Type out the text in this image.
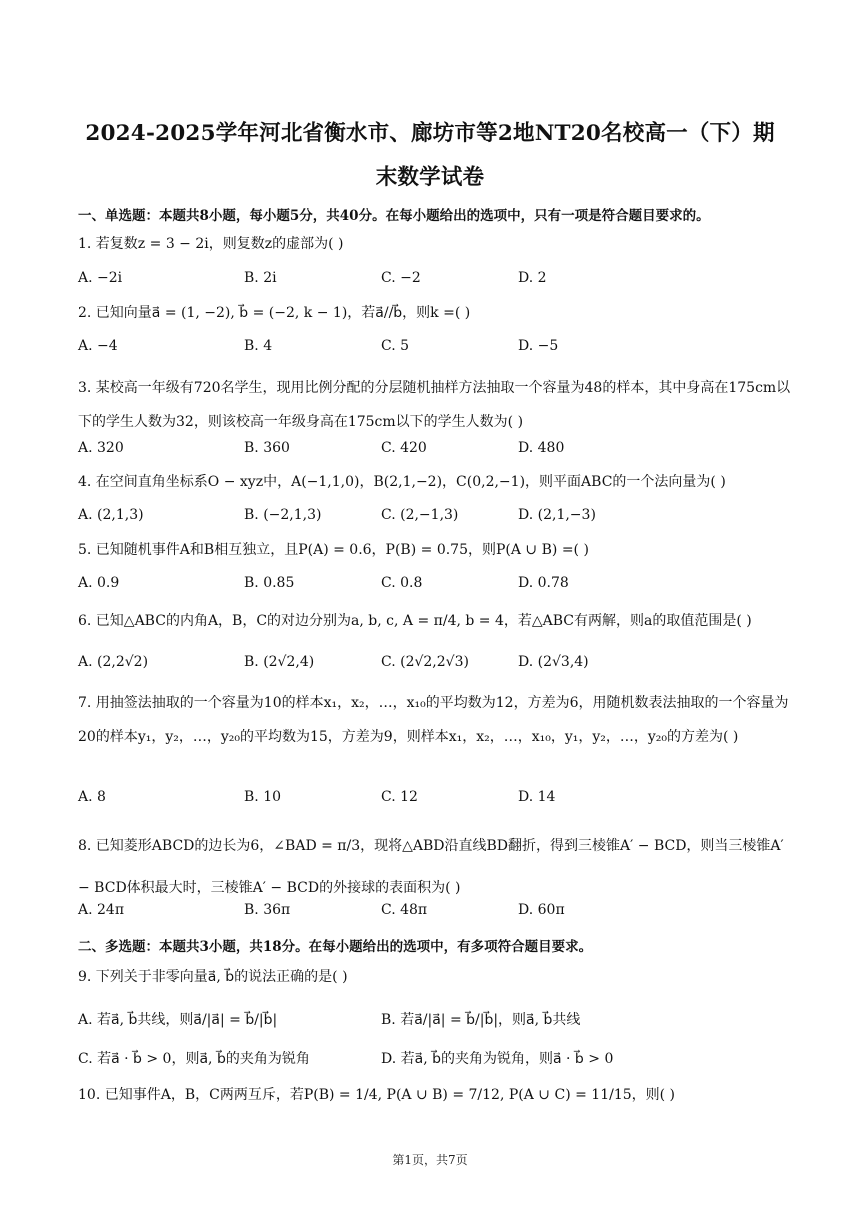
2024-2025学年河北省衡水市、廊坊市等2地NT20名校高一（下）期
末数学试卷
一、单选题：本题共8小题，每小题5分，共40分。在每小题给出的选项中，只有一项是符合题目要求的。
1. 若复数z = 3 − 2i，则复数z的虚部为( )
A. −2i	B. 2i	C. −2	D. 2
2. 已知向量a⃗ = (1, −2), b⃗ = (−2, k − 1)，若a⃗//b⃗，则k =( )
A. −4	B. 4	C. 5	D. −5
3. 某校高一年级有720名学生，现用比例分配的分层随机抽样方法抽取一个容量为48的样本，其中身高在175cm以下的学生人数为32，则该校高一年级身高在175cm以下的学生人数为( )
A. 320	B. 360	C. 420	D. 480
4. 在空间直角坐标系O − xyz中，A(−1,1,0)，B(2,1,−2)，C(0,2,−1)，则平面ABC的一个法向量为( )
A. (2,1,3)	B. (−2,1,3)	C. (2,−1,3)	D. (2,1,−3)
5. 已知随机事件A和B相互独立，且P(A) = 0.6，P(B) = 0.75，则P(A ∪ B) =( )
A. 0.9	B. 0.85	C. 0.8	D. 0.78
6. 已知△ABC的内角A，B，C的对边分别为a, b, c, A = π/4, b = 4，若△ABC有两解，则a的取值范围是( )
A. (2,2√2)	B. (2√2,4)	C. (2√2,2√3)	D. (2√3,4)
7. 用抽签法抽取的一个容量为10的样本x₁，x₂，…，x₁₀的平均数为12，方差为6，用随机数表法抽取的一个容量为20的样本y₁，y₂，…，y₂₀的平均数为15，方差为9，则样本x₁，x₂，…，x₁₀，y₁，y₂，…，y₂₀的方差为( )
A. 8	B. 10	C. 12	D. 14
8. 已知菱形ABCD的边长为6，∠BAD = π/3，现将△ABD沿直线BD翻折，得到三棱锥A′ − BCD，则当三棱锥A′ − BCD体积最大时，三棱锥A′ − BCD的外接球的表面积为( )
A. 24π	B. 36π	C. 48π	D. 60π
二、多选题：本题共3小题，共18分。在每小题给出的选项中，有多项符合题目要求。
9. 下列关于非零向量a⃗, b⃗的说法正确的是( )
A. 若a⃗, b⃗共线，则a⃗/|a⃗| = b⃗/|b⃗|	B. 若a⃗/|a⃗| = b⃗/|b⃗|，则a⃗, b⃗共线
C. 若a⃗ · b⃗ > 0，则a⃗, b⃗的夹角为锐角	D. 若a⃗, b⃗的夹角为锐角，则a⃗ · b⃗ > 0
10. 已知事件A，B，C两两互斥，若P(B) = 1/4, P(A ∪ B) = 7/12, P(A ∪ C) = 11/15，则( )
第1页，共7页
